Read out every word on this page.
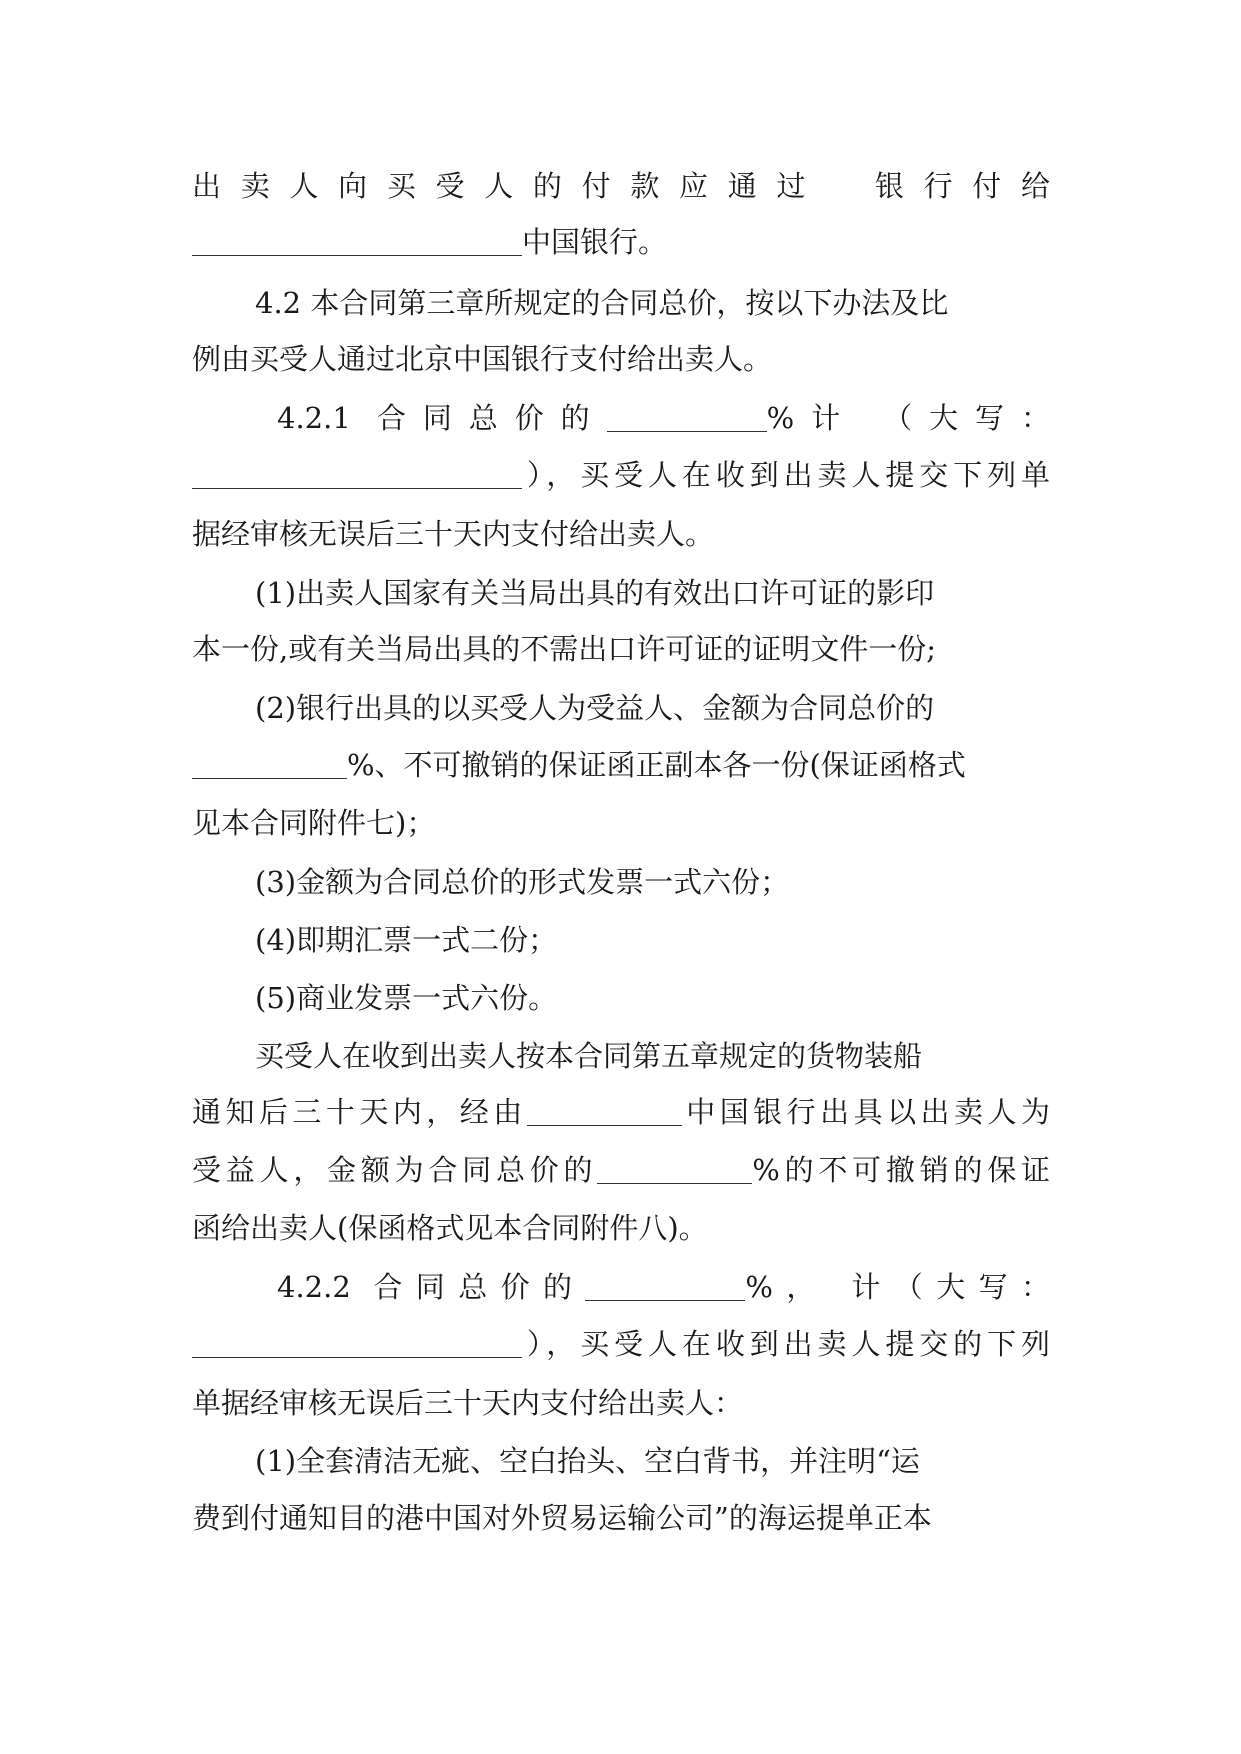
出卖人向买受人的付款应通过 银行付给
中国银行。
4.2 本合同第三章所规定的合同总价，按以下办法及比
例由买受人通过北京中国银行支付给出卖人。
4.2.1 合同总价的	%计 （大写：
），买受人在收到出卖人提交下列单
据经审核无误后三十天内支付给出卖人。
(1)出卖人国家有关当局出具的有效出口许可证的影印
本一份,或有关当局出具的不需出口许可证的证明文件一份;
(2)银行出具的以买受人为受益人、金额为合同总价的
%、不可撤销的保证函正副本各一份(保证函格式
见本合同附件七)；
(3)金额为合同总价的形式发票一式六份；
(4)即期汇票一式二份；
(5)商业发票一式六份。
买受人在收到出卖人按本合同第五章规定的货物装船
通知后三十天内，经由	中国银行出具以出卖人为
受益人，金额为合同总价的	%的不可撤销的保证
函给出卖人(保函格式见本合同附件八)。
4.2.2 合同总价的	%， 计（大写：
），买受人在收到出卖人提交的下列
单据经审核无误后三十天内支付给出卖人：
(1)全套清洁无疵、空白抬头、空白背书，并注明“运
费到付通知目的港中国对外贸易运输公司”的海运提单正本
